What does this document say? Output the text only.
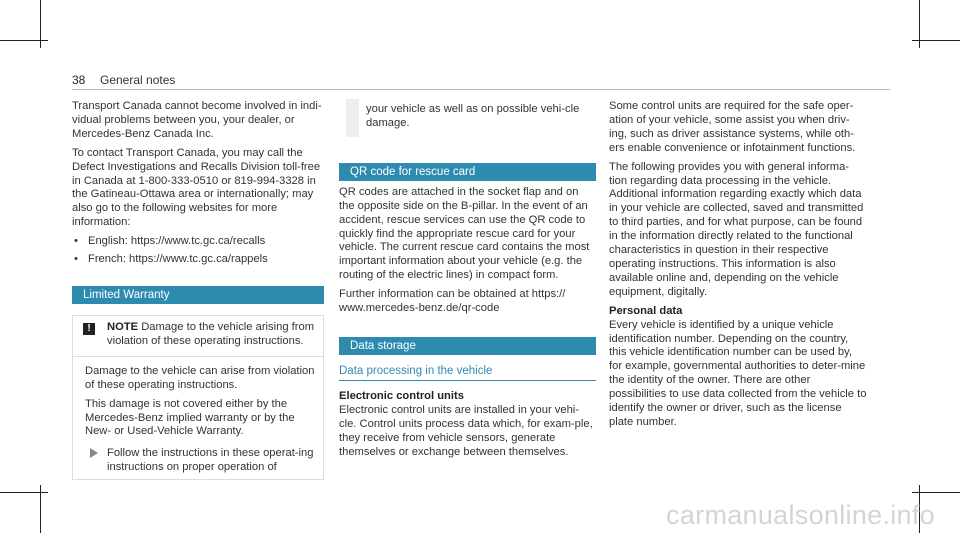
38 General notes

Transport Canada cannot become involved in indi-vidual problems between you, your dealer, or Mercedes-Benz Canada Inc.

To contact Transport Canada, you may call the Defect Investigations and Recalls Division toll-free in Canada at 1-800-333-0510 or 819-994-3328 in the Gatineau-Ottawa area or internationally; may also go to the following websites for more information:

• English: https://www.tc.gc.ca/recalls
• French: https://www.tc.gc.ca/rappels
Limited Warranty
!	NOTE Damage to the vehicle arising from violation of these operating instructions.

Damage to the vehicle can arise from violation of these operating instructions.

This damage is not covered either by the Mercedes-Benz implied warranty or by the New- or Used-Vehicle Warranty.

Follow the instructions in these operat-ing instructions on proper operation of
your vehicle as well as on possible vehi-cle damage.
QR code for rescue card

QR codes are attached in the socket flap and on the opposite side on the B-pillar. In the event of an accident, rescue services can use the QR code to quickly find the appropriate rescue card for your vehicle. The current rescue card contains the most important information about your vehicle (e.g. the routing of the electric lines) in compact form.

Further information can be obtained at https:// www.mercedes-benz.de/qr-code

Data storage
Data processing in the vehicle
Electronic control units

Electronic control units are installed in your vehi-cle. Control units process data which, for exam-ple, they receive from vehicle sensors, generate themselves or exchange between themselves.

Some control units are required for the safe oper-ation of your vehicle, some assist you when driv-ing, such as driver assistance systems, while oth-ers enable convenience or infotainment functions.

The following provides you with general informa-tion regarding data processing in the vehicle. Additional information regarding exactly which data in your vehicle are collected, saved and transmitted to third parties, and for what purpose, can be found in the information directly related to the functional characteristics in question in their respective operating instructions. This information is also available online and, depending on the vehicle equipment, digitally.

Personal data

Every vehicle is identified by a unique vehicle identification number. Depending on the country, this vehicle identification number can be used by, for example, governmental authorities to deter-mine the identity of the owner. There are other possibilities to use data collected from the vehicle to identify the owner or driver, such as the license plate number.

carmanualsonline.info
